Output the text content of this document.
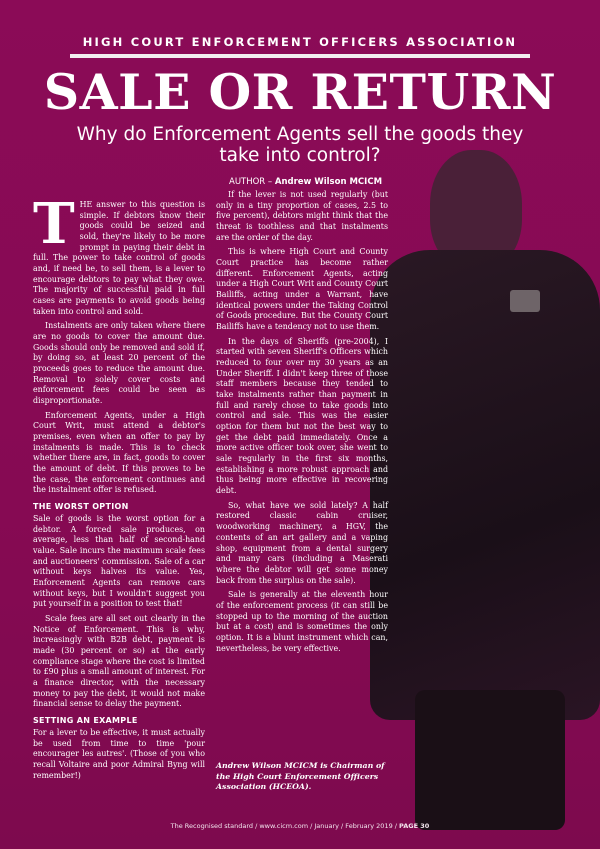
HIGH COURT ENFORCEMENT OFFICERS ASSOCIATION
SALE OR RETURN
Why do Enforcement Agents sell the goods they take into control?
AUTHOR – Andrew Wilson MCICM

THE answer to this question is simple. If debtors know their goods could be seized and sold, they're likely to be more prompt in paying their debt in full. The power to take control of goods and, if need be, to sell them, is a lever to encourage debtors to pay what they owe. The majority of successful paid in full cases are payments to avoid goods being taken into control and sold.

Instalments are only taken where there are no goods to cover the amount due. Goods should only be removed and sold if, by doing so, at least 20 percent of the proceeds goes to reduce the amount due. Removal to solely cover costs and enforcement fees could be seen as disproportionate.

Enforcement Agents, under a High Court Writ, must attend a debtor's premises, even when an offer to pay by instalments is made. This is to check whether there are, in fact, goods to cover the amount of debt. If this proves to be the case, the enforcement continues and the instalment offer is refused.

THE WORST OPTION

Sale of goods is the worst option for a debtor. A forced sale produces, on average, less than half of second-hand value. Sale incurs the maximum scale fees and auctioneers' commission. Sale of a car without keys halves its value. Yes, Enforcement Agents can remove cars without keys, but I wouldn't suggest you put yourself in a position to test that!

Scale fees are all set out clearly in the Notice of Enforcement. This is why, increasingly with B2B debt, payment is made (30 percent or so) at the early compliance stage where the cost is limited to £90 plus a small amount of interest. For a finance director, with the necessary money to pay the debt, it would not make financial sense to delay the payment.

SETTING AN EXAMPLE

For a lever to be effective, it must actually be used from time to time 'pour encourager les autres'. (Those of you who recall Voltaire and poor Admiral Byng will remember!)

If the lever is not used regularly (but only in a tiny proportion of cases, 2.5 to five percent), debtors might think that the threat is toothless and that instalments are the order of the day.

This is where High Court and County Court practice has become rather different. Enforcement Agents, acting under a High Court Writ and County Court Bailiffs, acting under a Warrant, have identical powers under the Taking Control of Goods procedure. But the County Court Bailiffs have a tendency not to use them.

In the days of Sheriffs (pre-2004), I started with seven Sheriff's Officers which reduced to four over my 30 years as an Under Sheriff. I didn't keep three of those staff members because they tended to take instalments rather than payment in full and rarely chose to take goods into control and sale. This was the easier option for them but not the best way to get the debt paid immediately. Once a more active officer took over, she went to sale regularly in the first six months, establishing a more robust approach and thus being more effective in recovering debt.

So, what have we sold lately? A half restored classic cabin cruiser, woodworking machinery, a HGV, the contents of an art gallery and a vaping shop, equipment from a dental surgery and many cars (including a Maserati where the debtor will get some money back from the surplus on the sale).

Sale is generally at the eleventh hour of the enforcement process (it can still be stopped up to the morning of the auction but at a cost) and is sometimes the only option. It is a blunt instrument which can, nevertheless, be very effective.

Andrew Wilson MCICM is Chairman of the High Court Enforcement Officers Association (HCEOA).
The Recognised standard / www.cicm.com / January / February 2019 / PAGE 30
